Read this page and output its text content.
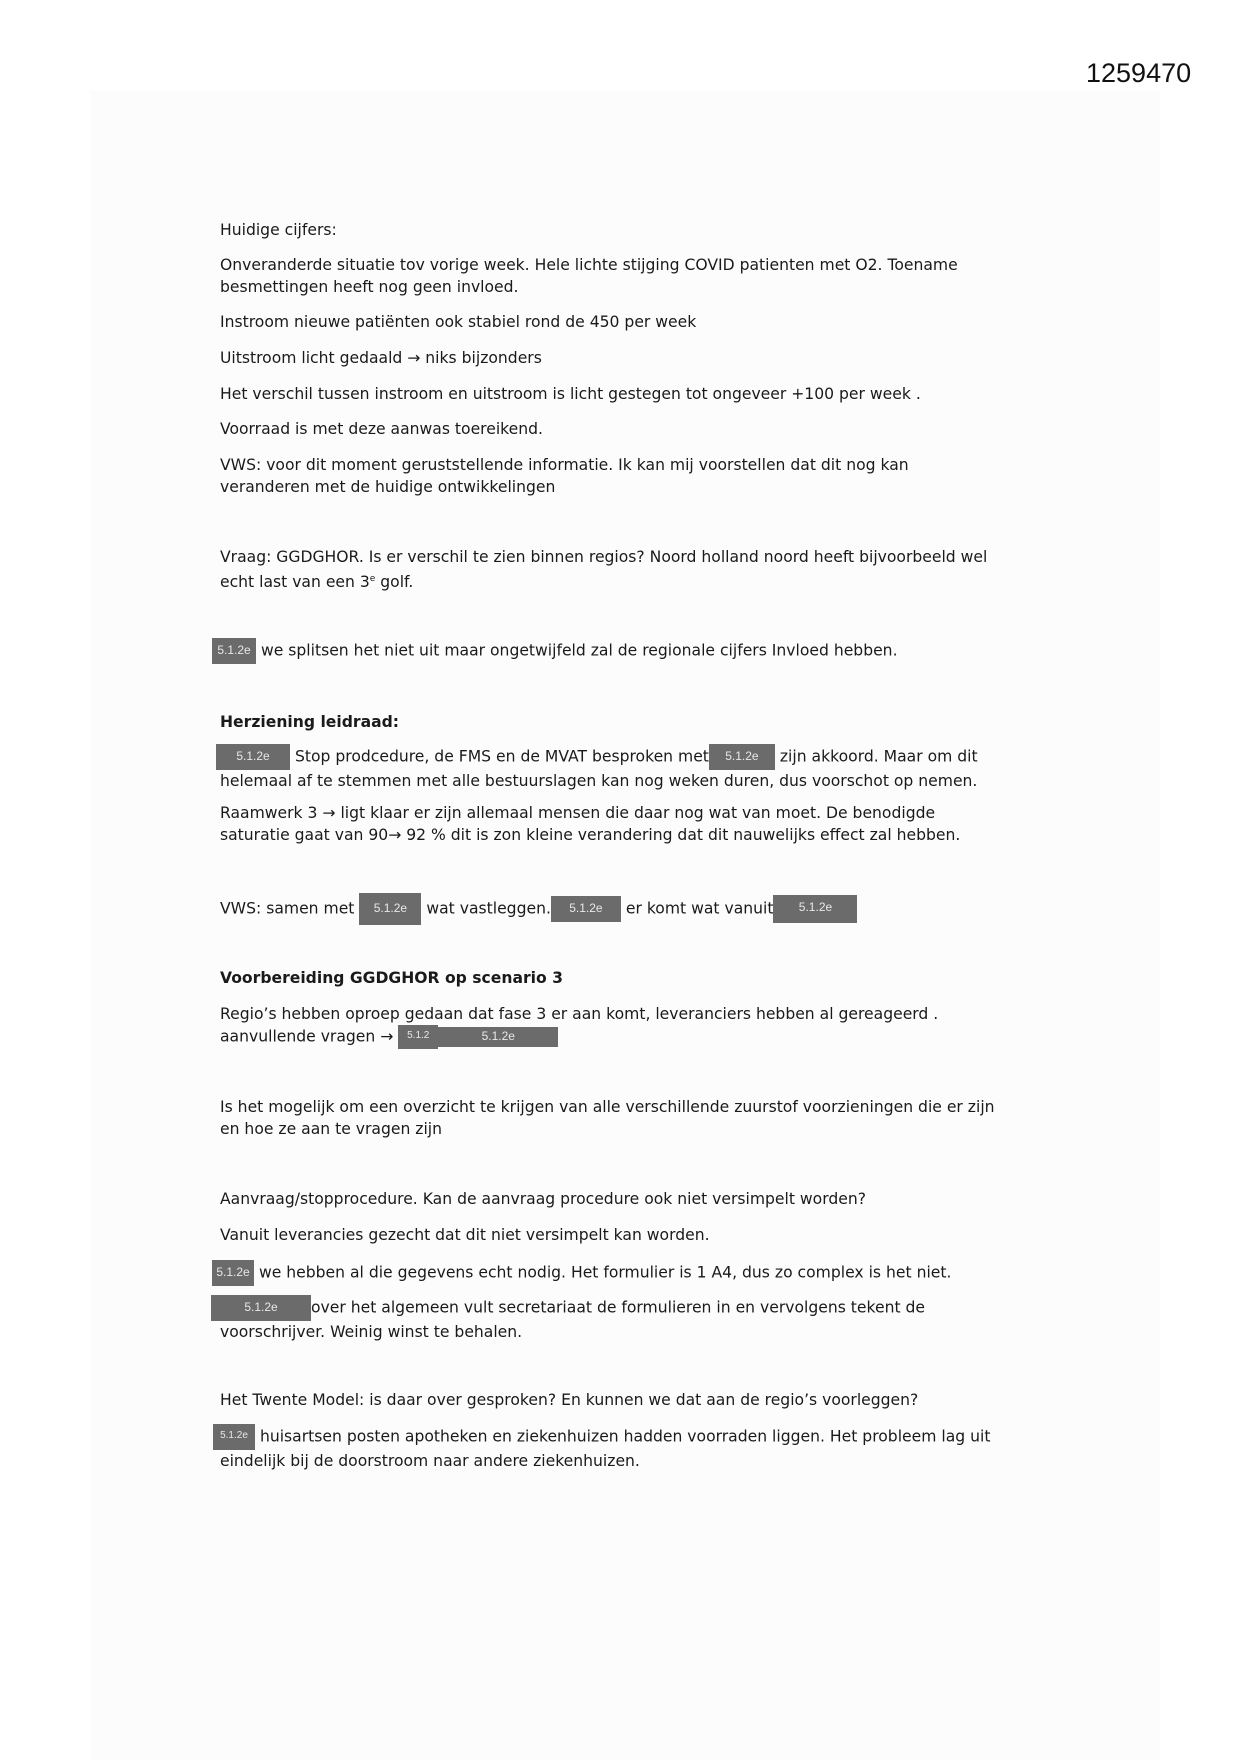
1259470
Huidige cijfers:
Onveranderde situatie tov vorige week. Hele lichte stijging COVID patienten met O2. Toename
besmettingen heeft nog geen invloed.
Instroom nieuwe patiënten ook stabiel rond de 450 per week
Uitstroom licht gedaald → niks bijzonders
Het verschil tussen instroom en uitstroom is licht gestegen tot ongeveer +100 per week .
Voorraad is met deze aanwas toereikend.
VWS: voor dit moment geruststellende informatie. Ik kan mij voorstellen dat dit nog kan
veranderen met de huidige ontwikkelingen
Vraag: GGDGHOR. Is er verschil te zien binnen regios? Noord holland noord heeft bijvoorbeeld wel
echt last van een 3e golf.
5.1.2e we splitsen het niet uit maar ongetwijfeld zal de regionale cijfers Invloed hebben.
Herziening leidraad:
5.1.2e Stop prodcedure, de FMS en de MVAT besproken met 5.1.2e zijn akkoord. Maar om dit
helemaal af te stemmen met alle bestuurslagen kan nog weken duren, dus voorschot op nemen.
Raamwerk 3 → ligt klaar er zijn allemaal mensen die daar nog wat van moet. De benodigde
saturatie gaat van 90→ 92 % dit is zon kleine verandering dat dit nauwelijks effect zal hebben.
VWS: samen met 5.1.2e wat vastleggen. 5.1.2e er komt wat vanuit 5.1.2e
Voorbereiding GGDGHOR op scenario 3
Regio’s hebben oproep gedaan dat fase 3 er aan komt, leveranciers hebben al gereageerd .
aanvullende vragen → 5.1.2	5.1.2e
Is het mogelijk om een overzicht te krijgen van alle verschillende zuurstof voorzieningen die er zijn
en hoe ze aan te vragen zijn
Aanvraag/stopprocedure. Kan de aanvraag procedure ook niet versimpelt worden?
Vanuit leverancies gezecht dat dit niet versimpelt kan worden.
5.1.2e we hebben al die gegevens echt nodig. Het formulier is 1 A4, dus zo complex is het niet.
5.1.2e over het algemeen vult secretariaat de formulieren in en vervolgens tekent de
voorschrijver. Weinig winst te behalen.
Het Twente Model: is daar over gesproken? En kunnen we dat aan de regio’s voorleggen?
5.1.2e huisartsen posten apotheken en ziekenhuizen hadden voorraden liggen. Het probleem lag uit
eindelijk bij de doorstroom naar andere ziekenhuizen.
